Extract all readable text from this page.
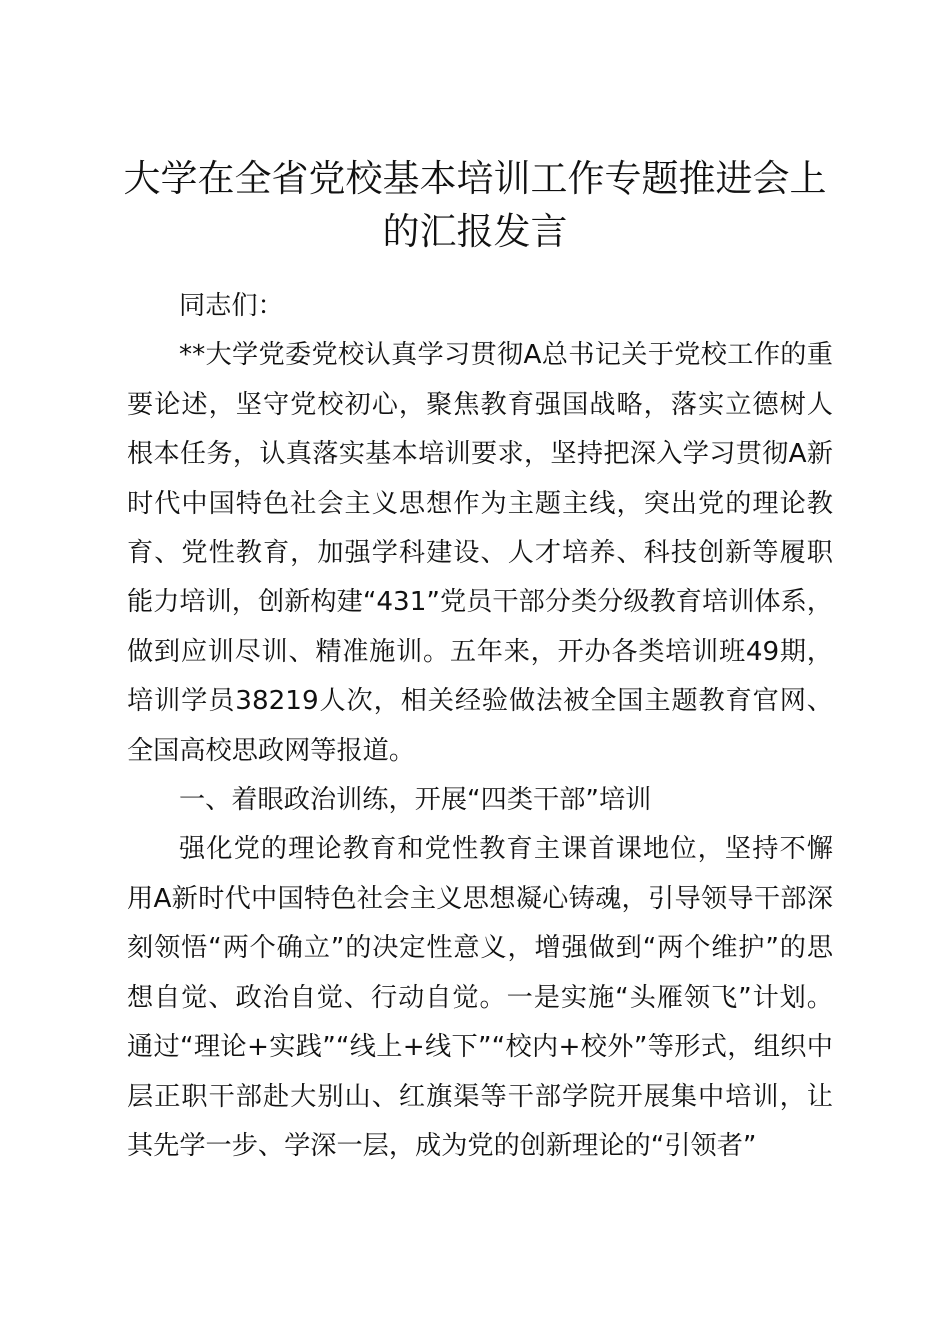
大学在全省党校基本培训工作专题推进会上的汇报发言

同志们：

**大学党委党校认真学习贯彻A总书记关于党校工作的重要论述，坚守党校初心，聚焦教育强国战略，落实立德树人根本任务，认真落实基本培训要求，坚持把深入学习贯彻A新时代中国特色社会主义思想作为主题主线，突出党的理论教育、党性教育，加强学科建设、人才培养、科技创新等履职能力培训，创新构建“431”党员干部分类分级教育培训体系，做到应训尽训、精准施训。五年来，开办各类培训班49期，培训学员38219人次，相关经验做法被全国主题教育官网、全国高校思政网等报道。

一、着眼政治训练，开展“四类干部”培训

强化党的理论教育和党性教育主课首课地位，坚持不懈用A新时代中国特色社会主义思想凝心铸魂，引导领导干部深刻领悟“两个确立”的决定性意义，增强做到“两个维护”的思想自觉、政治自觉、行动自觉。一是实施“头雁领飞”计划。通过“理论+实践”“线上+线下”“校内+校外”等形式，组织中层正职干部赴大别山、红旗渠等干部学院开展集中培训，让其先学一步、学深一层，成为党的创新理论的“引领者”
